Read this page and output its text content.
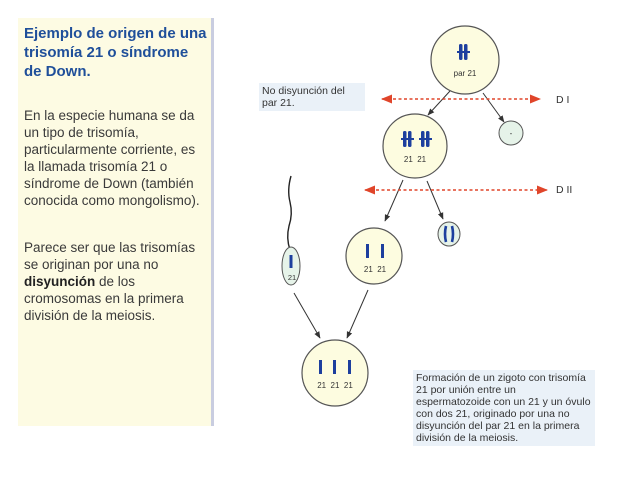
Ejemplo de origen de una trisomía 21 o síndrome de Down.

En la especie humana se da un tipo de trisomía, particularmente corriente, es la llamada trisomía 21 o síndrome de Down (también conocida como mongolismo).

Parece ser que las trisomías se originan por una no disyunción de los cromosomas en la primera división de la meiosis.

D I
D II
par 21
21  21
-
21  21
21
21  21  21
No disyunción del par 21.
Formación de un zigoto con trisomía 21 por unión entre un espermatozoide con un 21 y un óvulo con dos 21, originado por una no disyunción del par 21 en la primera división de la meiosis.
